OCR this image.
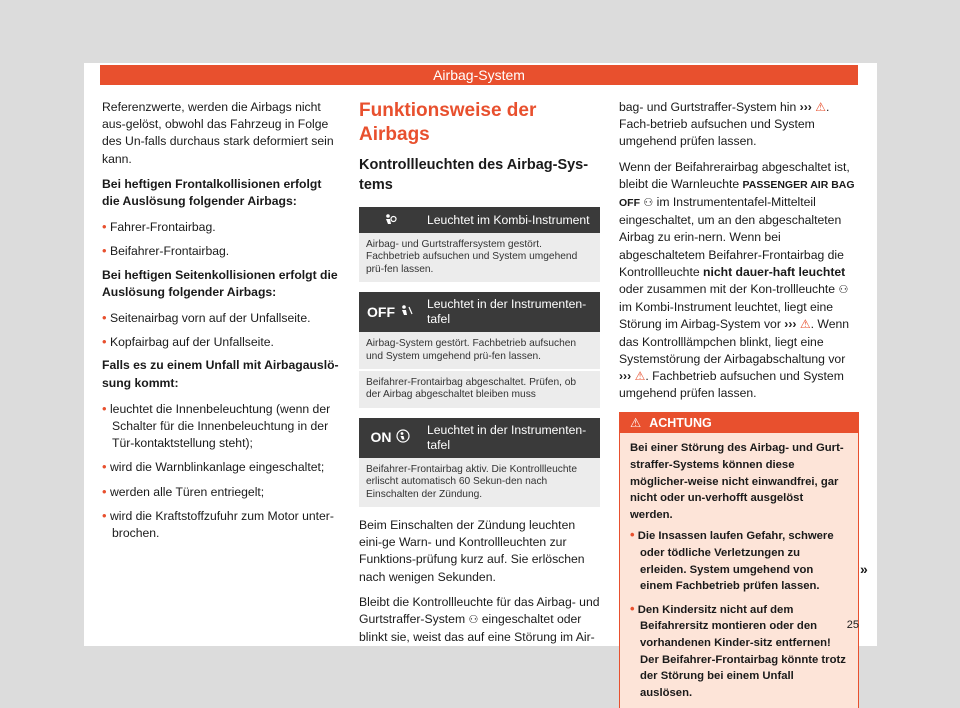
Airbag-System

Referenzwerte, werden die Airbags nicht aus-gelöst, obwohl das Fahrzeug in Folge des Un-falls durchaus stark deformiert sein kann.

Bei heftigen Frontalkollisionen erfolgt die Auslösung folgender Airbags:

• Fahrer-Frontairbag.

• Beifahrer-Frontairbag.

Bei heftigen Seitenkollisionen erfolgt die Auslösung folgender Airbags:

• Seitenairbag vorn auf der Unfallseite.

• Kopfairbag auf der Unfallseite.

Falls es zu einem Unfall mit Airbagauslö-sung kommt:

• leuchtet die Innenbeleuchtung (wenn der Schalter für die Innenbeleuchtung in der Tür-kontaktstellung steht);

• wird die Warnblinkanlage eingeschaltet;

• werden alle Türen entriegelt;

• wird die Kraftstoffzufuhr zum Motor unter-brochen.

Funktionsweise der Airbags
Kontrollleuchten des Airbag-Sys-tems
Leuchtet im Kombi-Instrument
Airbag- und Gurtstraffersystem gestört. Fachbetrieb aufsuchen und System umgehend prü-fen lassen.
OFF	Leuchtet in der Instrumenten-tafel
Airbag-System gestört. Fachbetrieb aufsuchen und System umgehend prü-fen lassen.
Beifahrer-Frontairbag abgeschaltet. Prüfen, ob der Airbag abgeschaltet bleiben muss
ON	Leuchtet in der Instrumenten-tafel
Beifahrer-Frontairbag aktiv. Die Kontrollleuchte erlischt automatisch 60 Sekun-den nach Einschalten der Zündung.

Beim Einschalten der Zündung leuchten eini-ge Warn- und Kontrollleuchten zur Funktions-prüfung kurz auf. Sie erlöschen nach wenigen Sekunden.

Bleibt die Kontrollleuchte für das Airbag- und Gurtstraffer-System ⚇ eingeschaltet oder blinkt sie, weist das auf eine Störung im Air-

bag- und Gurtstraffer-System hin ››› ⚠. Fach-betrieb aufsuchen und System umgehend prüfen lassen.

Wenn der Beifahrerairbag abgeschaltet ist, bleibt die Warnleuchte PASSENGER AIR BAG OFF ⚇ im Instrumententafel-Mittelteil eingeschaltet, um an den abgeschalteten Airbag zu erin-nern. Wenn bei abgeschaltetem Beifahrer-Frontairbag die Kontrollleuchte nicht dauer-haft leuchtet oder zusammen mit der Kon-trollleuchte ⚇ im Kombi-Instrument leuchtet, liegt eine Störung im Airbag-System vor ››› ⚠. Wenn das Kontrolllämpchen blinkt, liegt eine Systemstörung der Airbagabschaltung vor ››› ⚠. Fachbetrieb aufsuchen und System umgehend prüfen lassen.

⚠ ACHTUNG

Bei einer Störung des Airbag- und Gurt-straffer-Systems können diese möglicher-weise nicht einwandfrei, gar nicht oder un-verhofft ausgelöst werden.

• Die Insassen laufen Gefahr, schwere oder tödliche Verletzungen zu erleiden. System umgehend von einem Fachbetrieb prüfen lassen.

• Den Kindersitz nicht auf dem Beifahrersitz montieren oder den vorhandenen Kinder-sitz entfernen! Der Beifahrer-Frontairbag könnte trotz der Störung bei einem Unfall auslösen.

»
25
